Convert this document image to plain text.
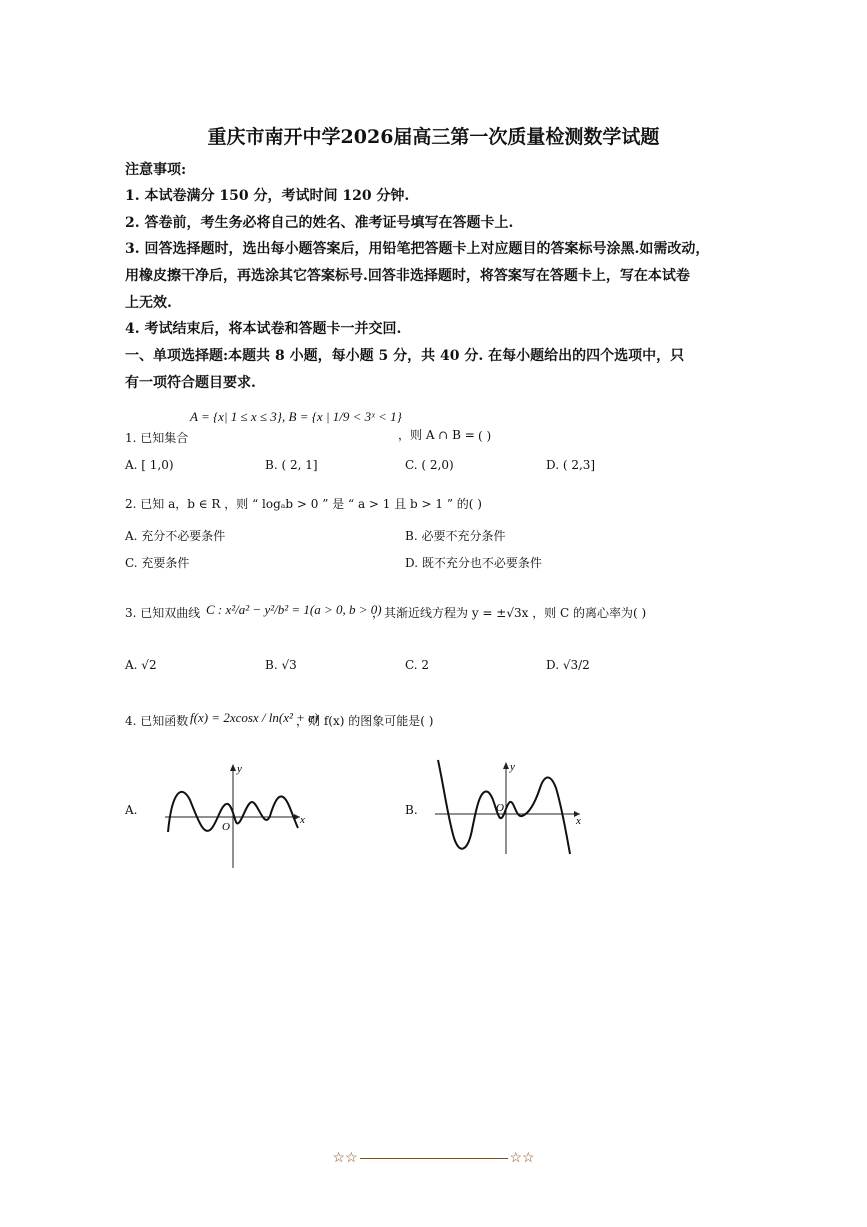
重庆市南开中学2026届高三第一次质量检测数学试题
注意事项:
1. 本试卷满分 150 分，考试时间 120 分钟.
2. 答卷前，考生务必将自己的姓名、准考证号填写在答题卡上.
3. 回答选择题时，选出每小题答案后，用铅笔把答题卡上对应题目的答案标号涂黑.如需改动，
用橡皮擦干净后，再选涂其它答案标号.回答非选择题时，将答案写在答题卡上，写在本试卷
上无效.
4. 考试结束后，将本试卷和答题卡一并交回.
一、单项选择题:本题共 8 小题，每小题 5 分，共 40 分. 在每小题给出的四个选项中，只
有一项符合题目要求.
1. 已知集合
A = {x| 1 ≤ x ≤ 3}, B = {x | 1/9 < 3ˣ < 1}
，则 A ∩ B = ( )
A. [ 1,0)	B. ( 2, 1]	C. ( 2,0)	D. ( 2,3]
2. 已知 a，b ∈ R ，则 “ logₐb > 0 ” 是 “ a > 1 且 b > 1 ” 的( )
A. 充分不必要条件	B. 必要不充分条件
C. 充要条件	D. 既不充分也不必要条件
3. 已知双曲线 C : x²/a² − y²/b² = 1(a > 0, b > 0)
，其渐近线方程为 y = ±√3x ，则 C 的离心率为( )
A. √2	B. √3	C. 2	D. √3/2
4. 已知函数 f(x) = 2xcosx / ln(x² + e)
，则 f(x) 的图象可能是( )
A.
x
y
O
B.
x
y
O
☆☆	☆☆
